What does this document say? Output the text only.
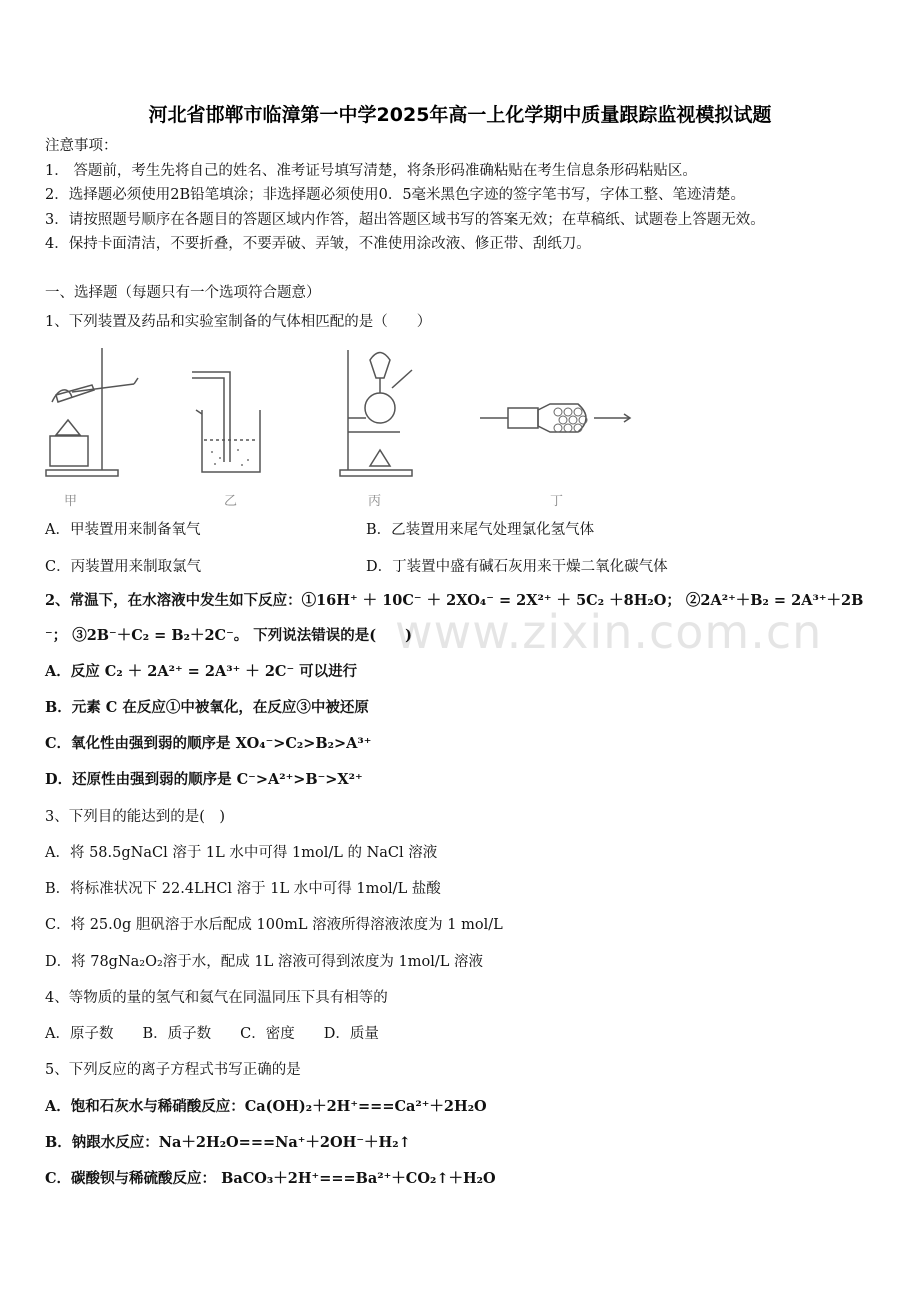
河北省邯郸市临漳第一中学2025年高一上化学期中质量跟踪监视模拟试题
注意事项：
1． 答题前，考生先将自己的姓名、准考证号填写清楚，将条形码准确粘贴在考生信息条形码粘贴区。
2．选择题必须使用2B铅笔填涂；非选择题必须使用0．5毫米黑色字迹的签字笔书写，字体工整、笔迹清楚。
3．请按照题号顺序在各题目的答题区域内作答，超出答题区域书写的答案无效；在草稿纸、试题卷上答题无效。
4．保持卡面清洁，不要折叠，不要弄破、弄皱，不准使用涂改液、修正带、刮纸刀。
一、选择题（每题只有一个选项符合题意）
1、下列装置及药品和实验室制备的气体相匹配的是（　　）
甲	乙	丙	丁
A．甲装置用来制备氧气	B．乙装置用来尾气处理氯化氢气体
C．丙装置用来制取氯气	D．丁装置中盛有碱石灰用来干燥二氧化碳气体
www.zixin.com.cn
2、常温下，在水溶液中发生如下反应：①16H⁺ ＋ 10C⁻ ＋ 2XO₄⁻ = 2X²⁺ ＋ 5C₂ ＋8H₂O； ②2A²⁺＋B₂ = 2A³⁺＋2B
⁻； ③2B⁻＋C₂ = B₂＋2C⁻。 下列说法错误的是(　　)
A．反应 C₂ ＋ 2A²⁺ = 2A³⁺ ＋ 2C⁻ 可以进行
B．元素 C 在反应①中被氧化，在反应③中被还原
C．氧化性由强到弱的顺序是 XO₄⁻>C₂>B₂>A³⁺
D．还原性由强到弱的顺序是 C⁻>A²⁺>B⁻>X²⁺
3、下列目的能达到的是(　)
A．将 58.5gNaCl 溶于 1L 水中可得 1mol/L 的 NaCl 溶液
B．将标准状况下 22.4LHCl 溶于 1L 水中可得 1mol/L 盐酸
C．将 25.0g 胆矾溶于水后配成 100mL 溶液所得溶液浓度为 1 mol/L
D．将 78gNa₂O₂溶于水，配成 1L 溶液可得到浓度为 1mol/L 溶液
4、等物质的量的氢气和氦气在同温同压下具有相等的
A．原子数　　B．质子数　　C．密度　　D．质量
5、下列反应的离子方程式书写正确的是
A．饱和石灰水与稀硝酸反应：Ca(OH)₂＋2H⁺===Ca²⁺＋2H₂O
B．钠跟水反应：Na＋2H₂O===Na⁺＋2OH⁻＋H₂↑
C．碳酸钡与稀硫酸反应： BaCO₃＋2H⁺===Ba²⁺＋CO₂↑＋H₂O
